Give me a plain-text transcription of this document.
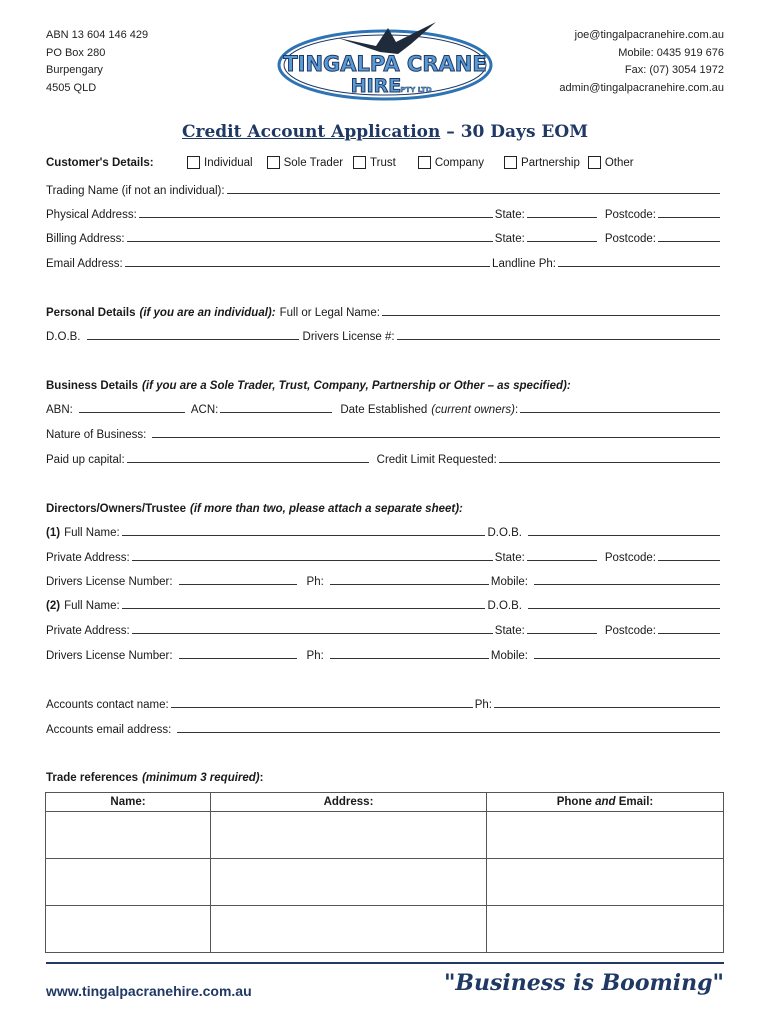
ABN 13 604 146 429
PO Box 280
Burpengary
4505 QLD
TINGALPA CRANE
HIRE PTY LTD
joe@tingalpacranehire.com.au
Mobile: 0435 919 676
Fax: (07) 3054 1972
admin@tingalpacranehire.com.au
Credit Account Application – 30 Days EOM
Customer's Details:	Individual	Sole Trader Trust	Company	Partnership Other
Trading Name (if not an individual):
Physical Address:	State:	Postcode:
Billing Address:	State:	Postcode:
Email Address:	Landline Ph:
Personal Details (if you are an individual): Full or Legal Name:
D.O.B.	Drivers License #:
Business Details (if you are a Sole Trader, Trust, Company, Partnership or Other – as specified):
ABN:	ACN:	Date Established (current owners) :
Nature of Business:
Paid up capital:	Credit Limit Requested:
Directors/Owners/Trustee (if more than two, please attach a separate sheet):
(1) Full Name:	D.O.B.
Private Address:	State:	Postcode:
Drivers License Number:	Ph:	Mobile:
(2) Full Name:	D.O.B.
Private Address:	State:	Postcode:
Drivers License Number:	Ph:	Mobile:
Accounts contact name:	Ph:
Accounts email address:
Trade references (minimum 3 required) :
Name:	Address:	Phone and Email:

www.tingalpacranehire.com.au	"Business is Booming"
